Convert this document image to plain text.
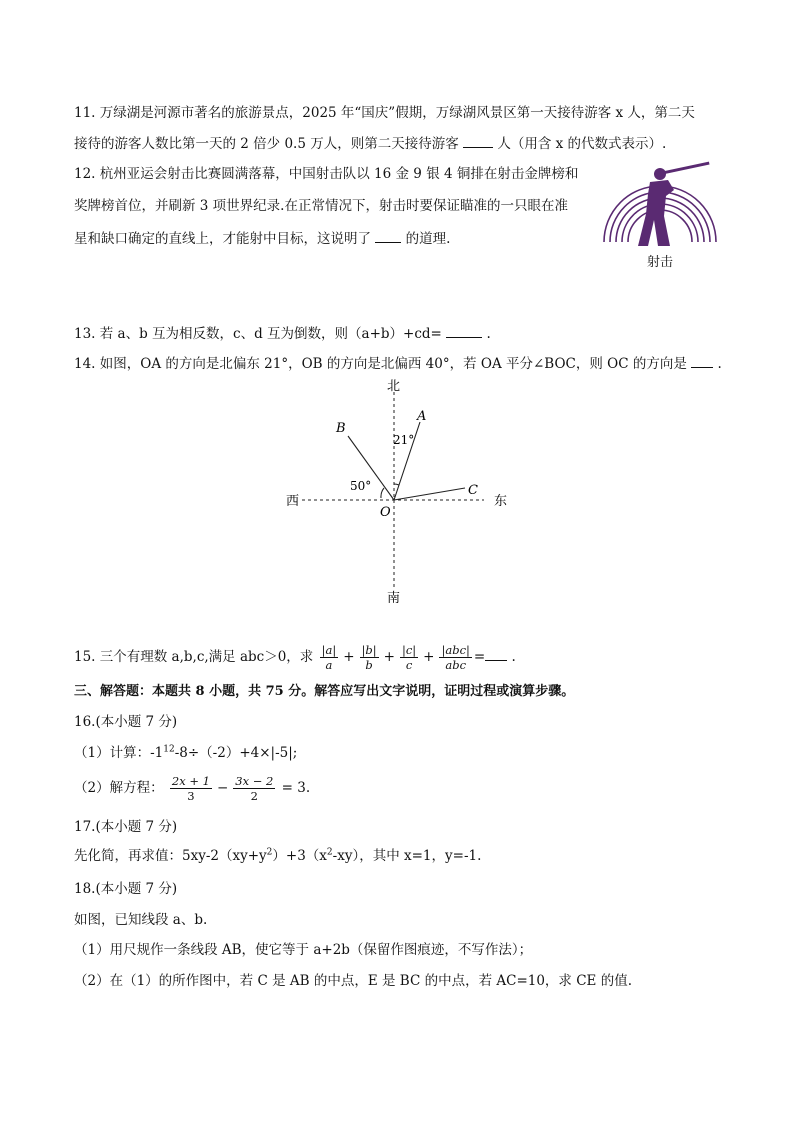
11. 万绿湖是河源市著名的旅游景点，2025 年“国庆”假期，万绿湖风景区第一天接待游客 x 人，第二天
接待的游客人数比第一天的 2 倍少 0.5 万人，则第二天接待游客	人（用含 x 的代数式表示）.
12. 杭州亚运会射击比赛圆满落幕，中国射击队以 16 金 9 银 4 铜排在射击金牌榜和
奖牌榜首位，并刷新 3 项世界纪录.在正常情况下，射击时要保证瞄准的一只眼在准
星和缺口确定的直线上，才能射中目标，这说明了	的道理.
射击
13. 若 a、b 互为相反数，c、d 互为倒数，则（a+b）+cd=	.
14. 如图，OA 的方向是北偏东 21°，OB 的方向是北偏西 40°，若 OA 平分∠BOC，则 OC 的方向是 .
北
南
西	东
A
B
C
O
21°
50°
15. 三个有理数 a,b,c,满足 abc＞0，求 $\frac{|a|}{a} + \frac{|b|}{b} + \frac{|c|}{c} + \frac{\text{|abc|}}{\text{abc}}$ = .
三、解答题：本题共 8 小题，共 75 分。解答应写出文字说明，证明过程或演算步骤。
16.(本小题 7 分)
（1）计算：$-1^{12}-8\div(-2)+4\times|-5|$;
（2）解方程： $\frac{2x + 1}{3} - \frac{3x - 2}{2} = 3$.
17.(本小题 7 分)
先化简，再求值：$5xy-2(xy+y^2)+3(x^2-xy)$，其中 x=1，y=-1.
18.(本小题 7 分)
如图，已知线段 a、b.
（1）用尺规作一条线段 AB，使它等于 a+2b（保留作图痕迹，不写作法）；
（2）在（1）的所作图中，若 C 是 AB 的中点，E 是 BC 的中点，若 AC=10，求 CE 的值.
